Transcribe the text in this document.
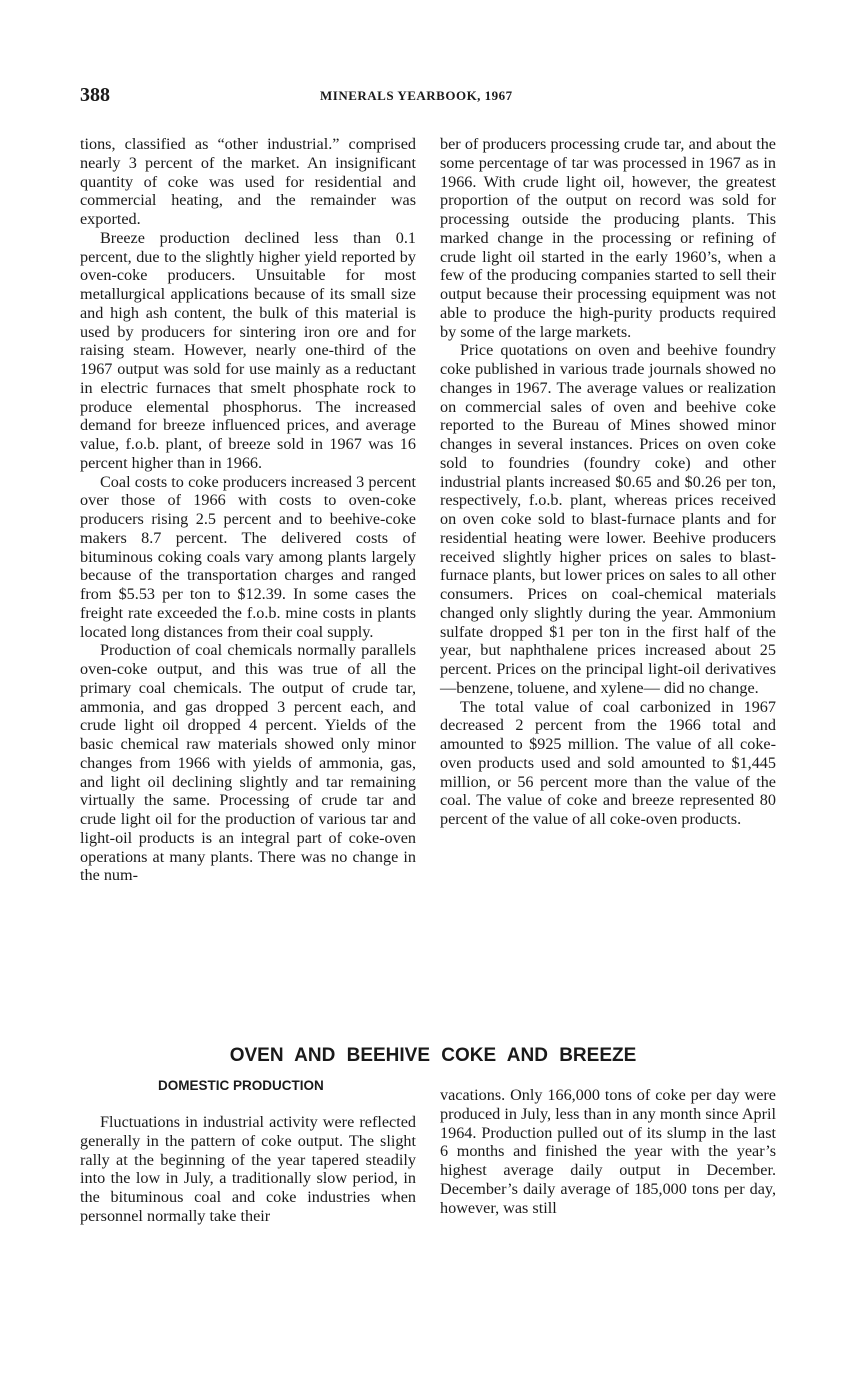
388	MINERALS YEARBOOK, 1967

tions, classified as “other industrial.” comprised nearly 3 percent of the market. An insignificant quantity of coke was used for residential and commercial heating, and the remainder was exported.

Breeze production declined less than 0.1 percent, due to the slightly higher yield reported by oven-coke producers. Unsuitable for most metallurgical applications because of its small size and high ash content, the bulk of this material is used by producers for sintering iron ore and for raising steam. However, nearly one-third of the 1967 output was sold for use mainly as a reductant in electric furnaces that smelt phosphate rock to produce elemental phosphorus. The increased demand for breeze influenced prices, and average value, f.o.b. plant, of breeze sold in 1967 was 16 percent higher than in 1966.

Coal costs to coke producers increased 3 percent over those of 1966 with costs to oven-coke producers rising 2.5 percent and to beehive-coke makers 8.7 percent. The delivered costs of bituminous coking coals vary among plants largely because of the transportation charges and ranged from $5.53 per ton to $12.39. In some cases the freight rate exceeded the f.o.b. mine costs in plants located long distances from their coal supply.

Production of coal chemicals normally parallels oven-coke output, and this was true of all the primary coal chemicals. The output of crude tar, ammonia, and gas dropped 3 percent each, and crude light oil dropped 4 percent. Yields of the basic chemical raw materials showed only minor changes from 1966 with yields of ammonia, gas, and light oil declining slightly and tar remaining virtually the same. Processing of crude tar and crude light oil for the production of various tar and light-oil products is an integral part of coke-oven operations at many plants. There was no change in the num-

ber of producers processing crude tar, and about the some percentage of tar was processed in 1967 as in 1966. With crude light oil, however, the greatest proportion of the output on record was sold for processing outside the producing plants. This marked change in the processing or refining of crude light oil started in the early 1960’s, when a few of the producing companies started to sell their output because their processing equipment was not able to produce the high-purity products required by some of the large markets.

Price quotations on oven and beehive foundry coke published in various trade journals showed no changes in 1967. The average values or realization on commercial sales of oven and beehive coke reported to the Bureau of Mines showed minor changes in several instances. Prices on oven coke sold to foundries (foundry coke) and other industrial plants increased $0.65 and $0.26 per ton, respectively, f.o.b. plant, whereas prices received on oven coke sold to blast-furnace plants and for residential heating were lower. Beehive producers received slightly higher prices on sales to blast-furnace plants, but lower prices on sales to all other consumers. Prices on coal-chemical materials changed only slightly during the year. Ammonium sulfate dropped $1 per ton in the first half of the year, but naphthalene prices increased about 25 percent. Prices on the principal light-oil derivatives—benzene, toluene, and xylene— did no change.

The total value of coal carbonized in 1967 decreased 2 percent from the 1966 total and amounted to $925 million. The value of all coke-oven products used and sold amounted to $1,445 million, or 56 percent more than the value of the coal. The value of coke and breeze represented 80 percent of the value of all coke-oven products.

OVEN AND BEEHIVE COKE AND BREEZE
DOMESTIC PRODUCTION

Fluctuations in industrial activity were reflected generally in the pattern of coke output. The slight rally at the beginning of the year tapered steadily into the low in July, a traditionally slow period, in the bituminous coal and coke industries when personnel normally take their

vacations. Only 166,000 tons of coke per day were produced in July, less than in any month since April 1964. Production pulled out of its slump in the last 6 months and finished the year with the year’s highest average daily output in December. December’s daily average of 185,000 tons per day, however, was still
